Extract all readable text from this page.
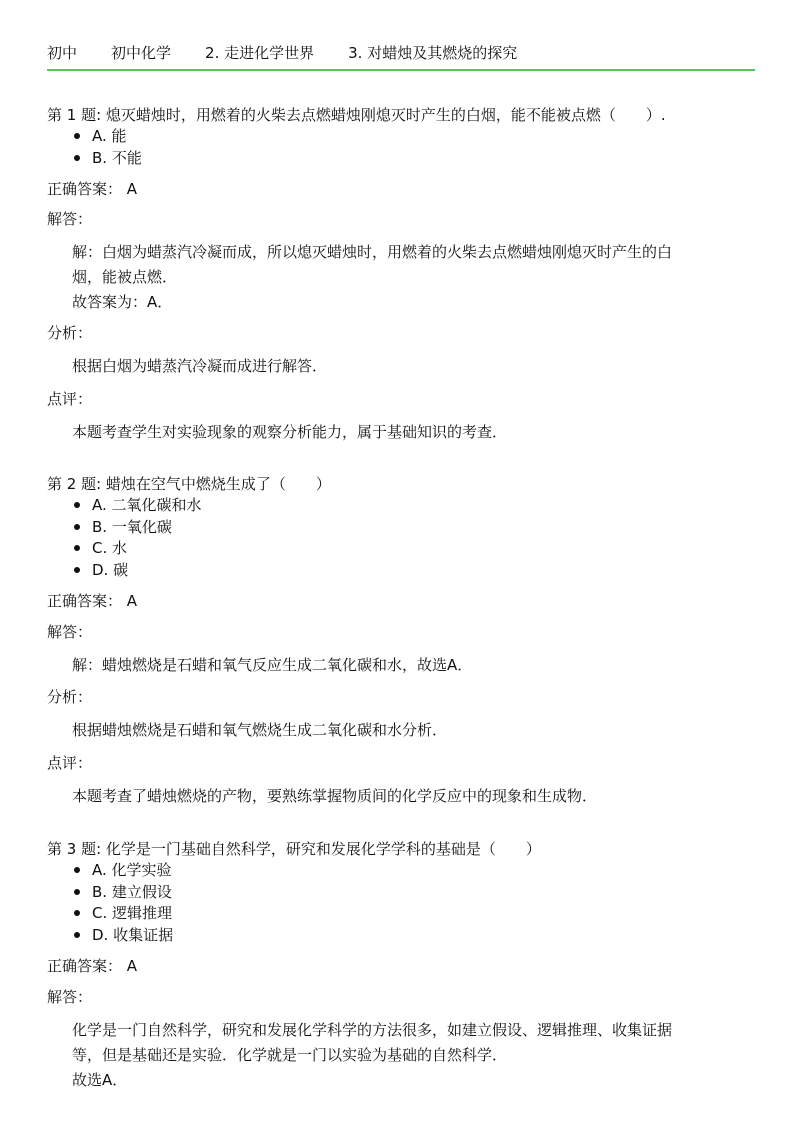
初中 初中化学 2. 走进化学世界 3. 对蜡烛及其燃烧的探究
第 1 题: 熄灭蜡烛时，用燃着的火柴去点燃蜡烛刚熄灭时产生的白烟，能不能被点燃（　　）.
A. 能
B. 不能
正确答案： A
解答：
解：白烟为蜡蒸汽冷凝而成，所以熄灭蜡烛时，用燃着的火柴去点燃蜡烛刚熄灭时产生的白
烟，能被点燃．
故答案为：A．
分析：
根据白烟为蜡蒸汽冷凝而成进行解答．
点评：
本题考查学生对实验现象的观察分析能力，属于基础知识的考查．
第 2 题: 蜡烛在空气中燃烧生成了（　　）
A. 二氧化碳和水
B. 一氧化碳
C. 水
D. 碳
正确答案： A
解答：
解：蜡烛燃烧是石蜡和氧气反应生成二氧化碳和水，故选A．
分析：
根据蜡烛燃烧是石蜡和氧气燃烧生成二氧化碳和水分析．
点评：
本题考查了蜡烛燃烧的产物，要熟练掌握物质间的化学反应中的现象和生成物．
第 3 题: 化学是一门基础自然科学，研究和发展化学学科的基础是（　　）
A. 化学实验
B. 建立假设
C. 逻辑推理
D. 收集证据
正确答案： A
解答：
化学是一门自然科学，研究和发展化学科学的方法很多，如建立假设、逻辑推理、收集证据
等，但是基础还是实验．化学就是一门以实验为基础的自然科学．
故选A．
